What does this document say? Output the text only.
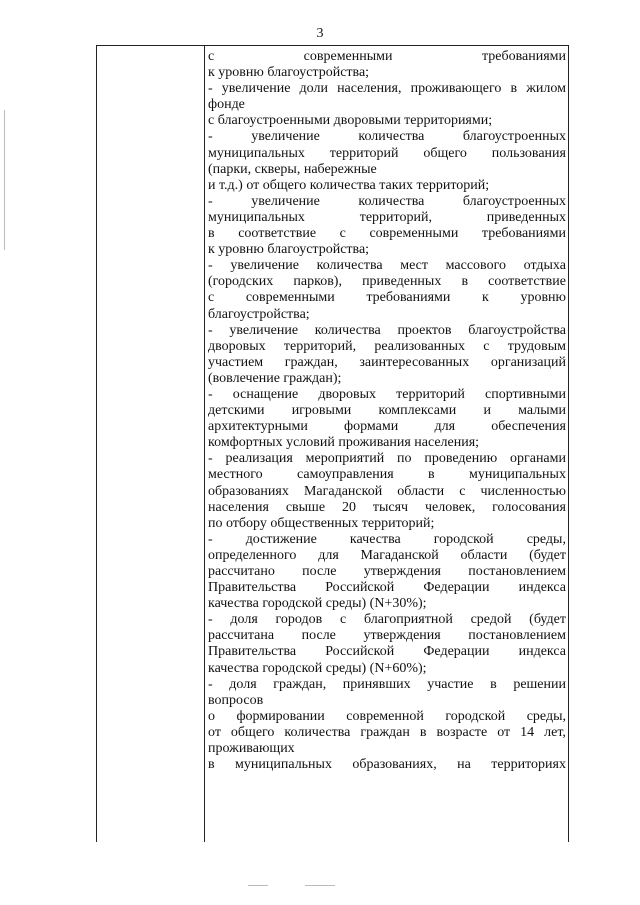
3
с	современными	требованиями
к уровню благоустройства;
- увеличение доли населения, проживающего в жилом
фонде
с благоустроенными дворовыми территориями;
-	увеличение	количества	благоустроенных
муниципальных территорий общего пользования
(парки, скверы, набережные
и т.д.) от общего количества таких территорий;
-	увеличение	количества	благоустроенных
муниципальных	территорий,	приведенных
в соответствие с современными требованиями
к уровню благоустройства;
- увеличение количества мест массового отдыха
(городских парков), приведенных в соответствие
с современными требованиями к уровню
благоустройства;
- увеличение количества проектов благоустройства
дворовых территорий, реализованных с трудовым
участием граждан, заинтересованных организаций
(вовлечение граждан);
- оснащение дворовых территорий спортивными
детскими игровыми комплексами и малыми
архитектурными	формами	для	обеспечения
комфортных условий проживания населения;
- реализация мероприятий по проведению органами
местного самоуправления в муниципальных
образованиях Магаданской области с численностью
населения свыше 20 тысяч человек, голосования
по отбору общественных территорий;
- достижение качества городской среды,
определенного для Магаданской области (будет
рассчитано после утверждения постановлением
Правительства Российской Федерации индекса
качества городской среды) (N+30%);
- доля городов с благоприятной средой (будет
рассчитана после утверждения постановлением
Правительства Российской Федерации индекса
качества городской среды) (N+60%);
- доля граждан, принявших участие в решении
вопросов
о формировании современной городской среды,
от общего количества граждан в возрасте от 14 лет,
проживающих
в муниципальных образованиях, на территориях
